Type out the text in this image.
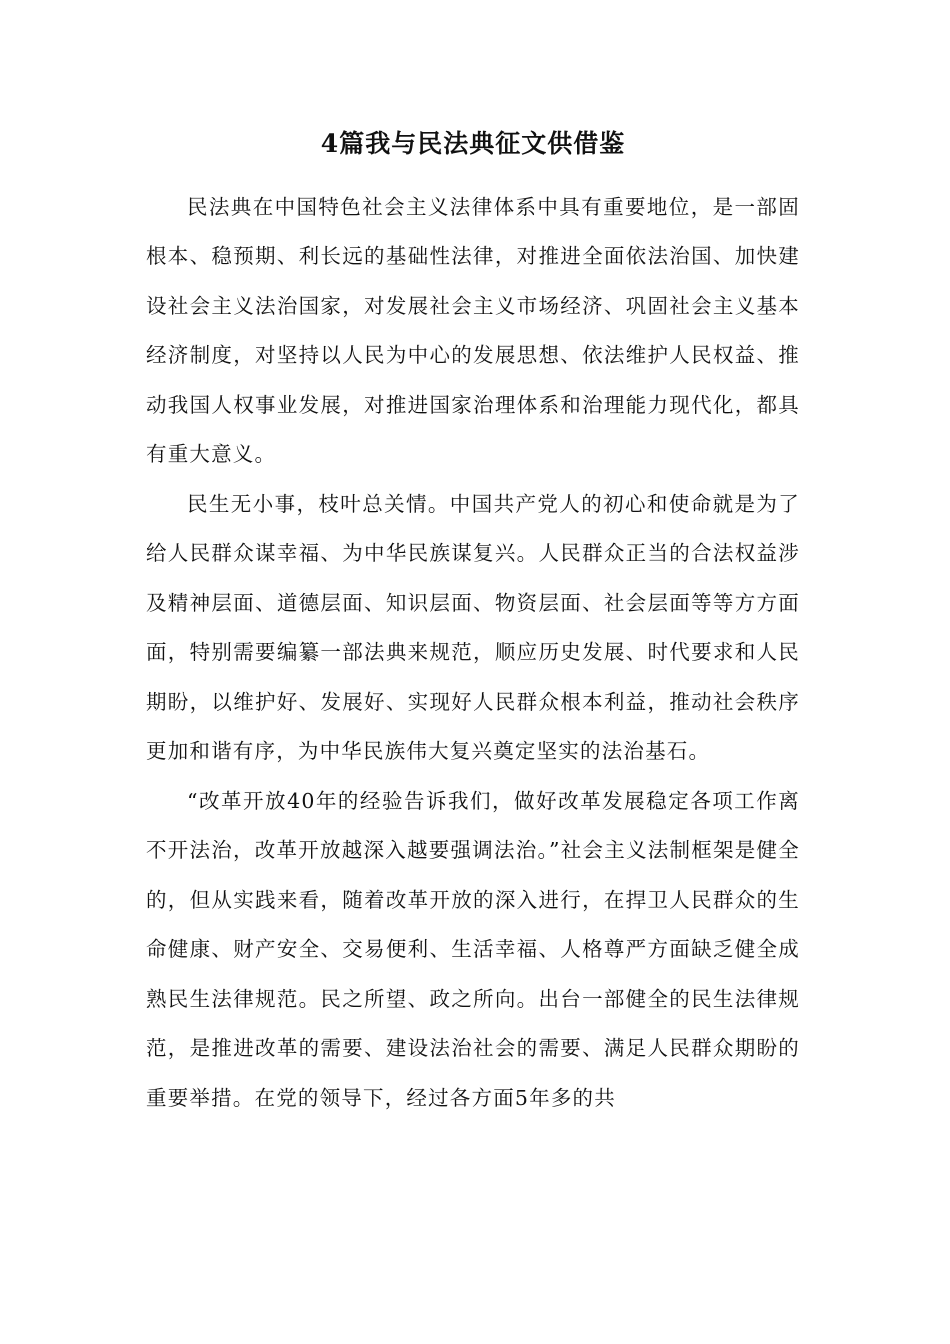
4篇我与民法典征文供借鉴

民法典在中国特色社会主义法律体系中具有重要地位，是一部固根本、稳预期、利长远的基础性法律，对推进全面依法治国、加快建设社会主义法治国家，对发展社会主义市场经济、巩固社会主义基本经济制度，对坚持以人民为中心的发展思想、依法维护人民权益、推动我国人权事业发展，对推进国家治理体系和治理能力现代化，都具有重大意义。

民生无小事，枝叶总关情。中国共产党人的初心和使命就是为了给人民群众谋幸福、为中华民族谋复兴。人民群众正当的合法权益涉及精神层面、道德层面、知识层面、物资层面、社会层面等等方方面面，特别需要编纂一部法典来规范，顺应历史发展、时代要求和人民期盼，以维护好、发展好、实现好人民群众根本利益，推动社会秩序更加和谐有序，为中华民族伟大复兴奠定坚实的法治基石。

“改革开放40年的经验告诉我们，做好改革发展稳定各项工作离不开法治，改革开放越深入越要强调法治。”社会主义法制框架是健全的，但从实践来看，随着改革开放的深入进行，在捍卫人民群众的生命健康、财产安全、交易便利、生活幸福、人格尊严方面缺乏健全成熟民生法律规范。民之所望、政之所向。出台一部健全的民生法律规范，是推进改革的需要、建设法治社会的需要、满足人民群众期盼的重要举措。在党的领导下，经过各方面5年多的共
